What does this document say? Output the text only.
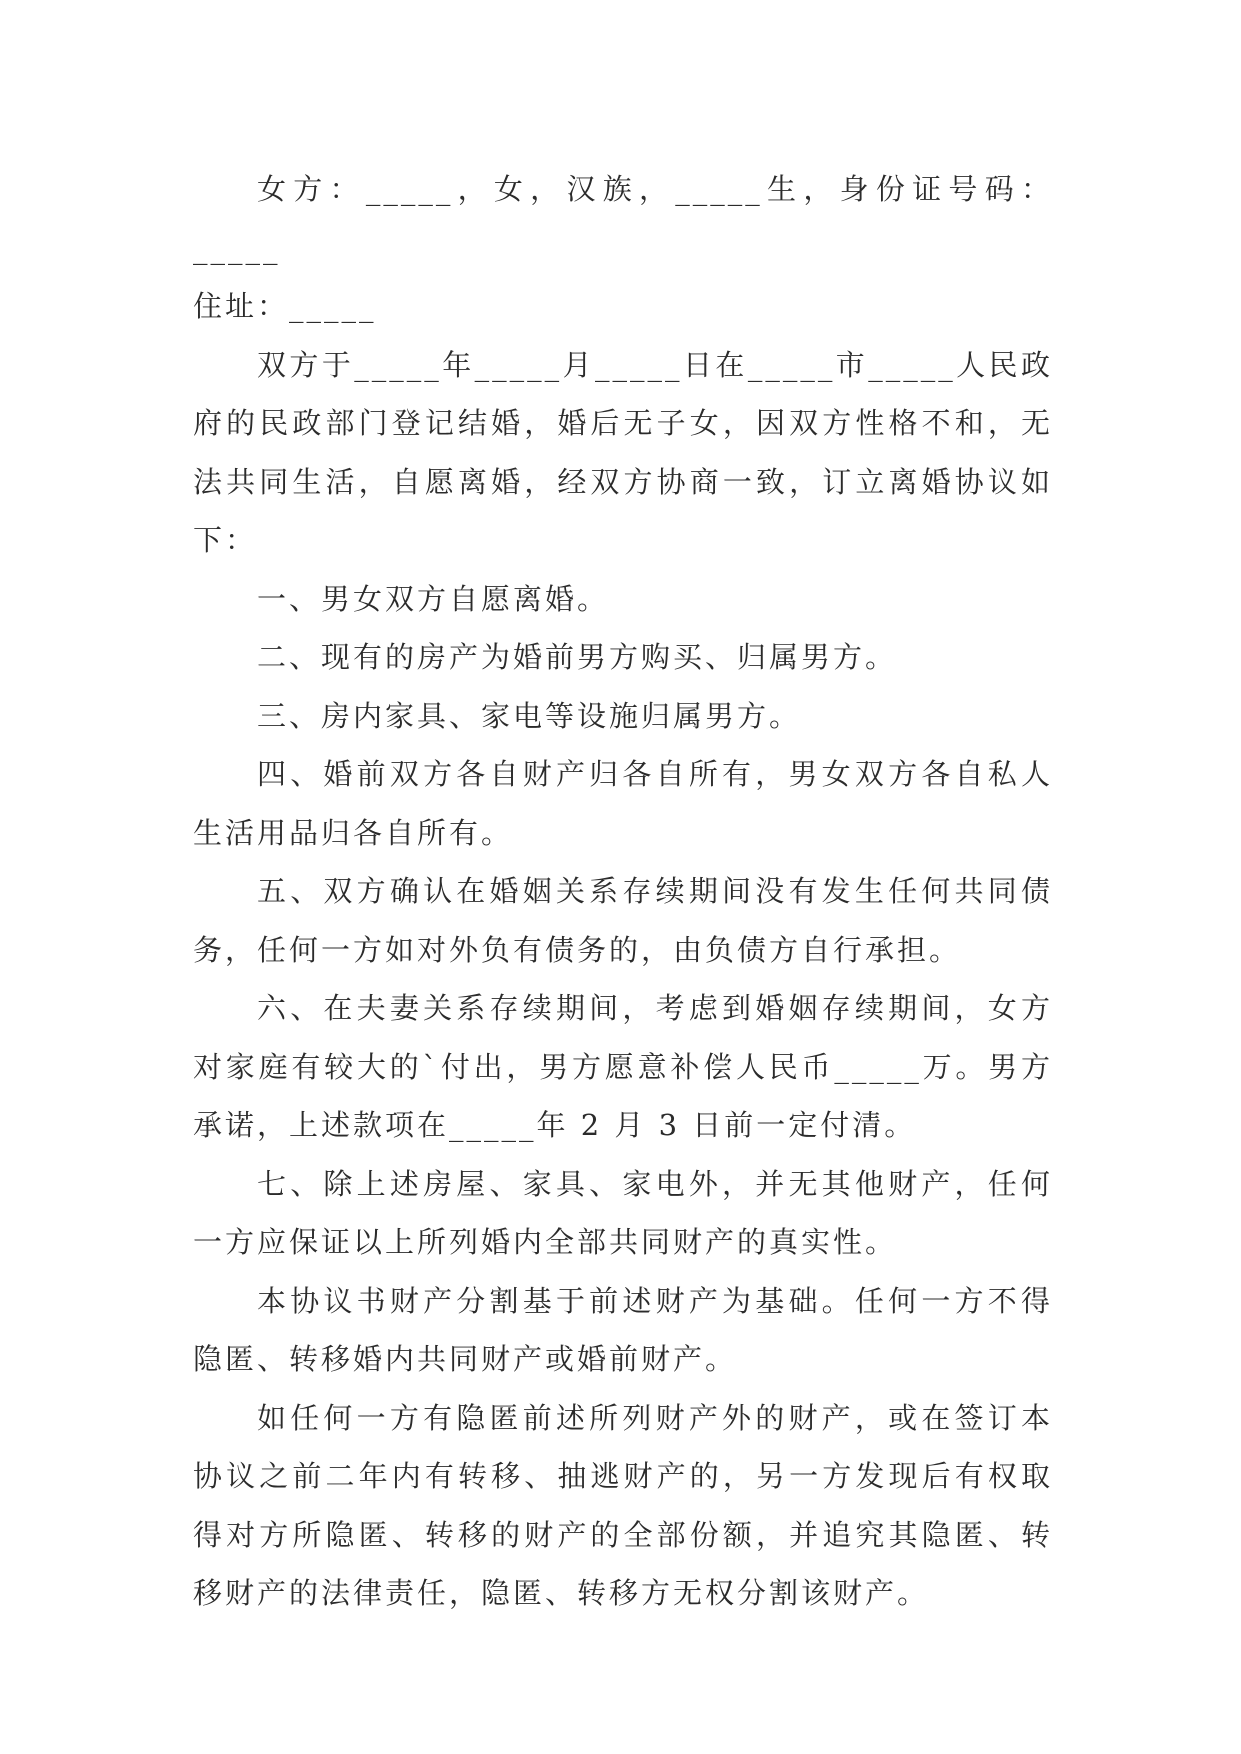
女方：_____，女，汉族，_____生，身份证号码：_____

住址：_____

双方于_____年_____月_____日在_____市_____人民政府的民政部门登记结婚，婚后无子女，因双方性格不和，无法共同生活，自愿离婚，经双方协商一致，订立离婚协议如下：

一、男女双方自愿离婚。

二、现有的房产为婚前男方购买、归属男方。

三、房内家具、家电等设施归属男方。

四、婚前双方各自财产归各自所有，男女双方各自私人生活用品归各自所有。

五、双方确认在婚姻关系存续期间没有发生任何共同债务，任何一方如对外负有债务的，由负债方自行承担。

六、在夫妻关系存续期间，考虑到婚姻存续期间，女方对家庭有较大的`付出，男方愿意补偿人民币_____万。男方承诺，上述款项在_____年 2 月 3 日前一定付清。

七、除上述房屋、家具、家电外，并无其他财产，任何一方应保证以上所列婚内全部共同财产的真实性。

本协议书财产分割基于前述财产为基础。任何一方不得隐匿、转移婚内共同财产或婚前财产。

如任何一方有隐匿前述所列财产外的财产，或在签订本协议之前二年内有转移、抽逃财产的，另一方发现后有权取得对方所隐匿、转移的财产的全部份额，并追究其隐匿、转移财产的法律责任，隐匿、转移方无权分割该财产。
